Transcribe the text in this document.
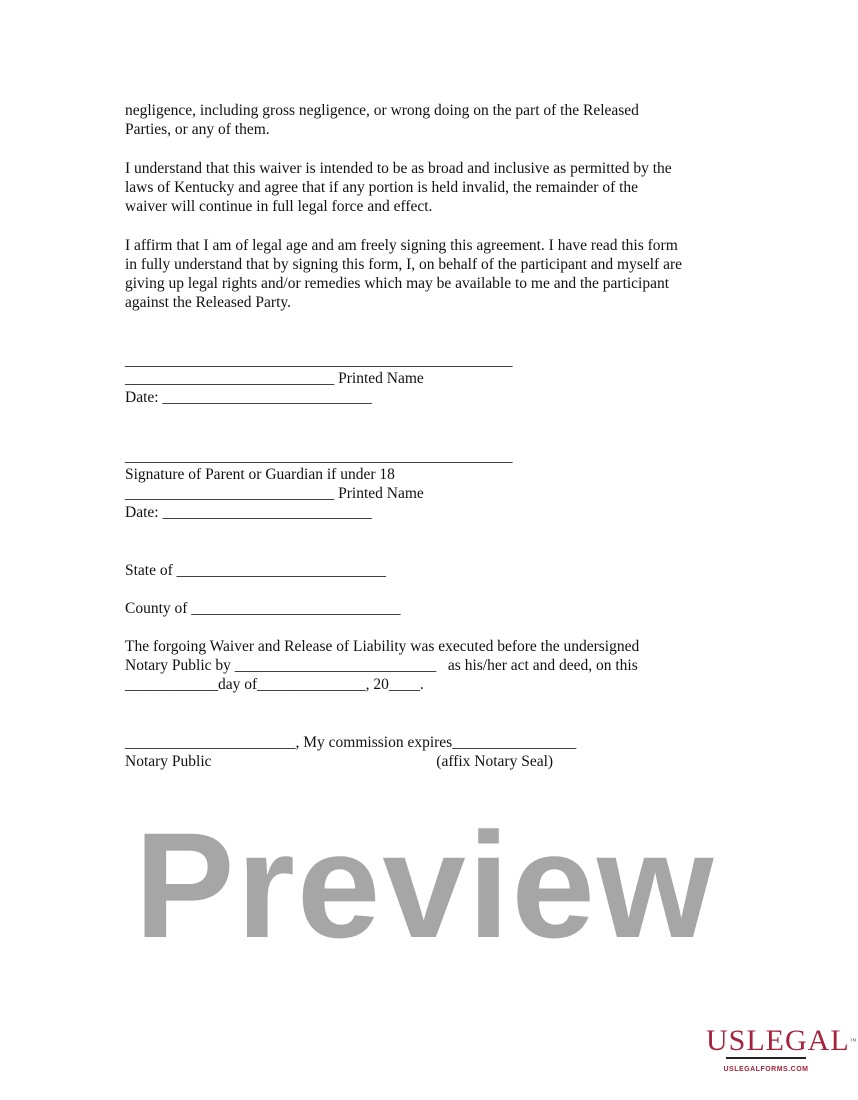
negligence, including gross negligence, or wrong doing on the part of the Released
Parties, or any of them.
I understand that this waiver is intended to be as broad and inclusive as permitted by the
laws of Kentucky and agree that if any portion is held invalid, the remainder of the
waiver will continue in full legal force and effect.
I affirm that I am of legal age and am freely signing this agreement. I have read this form
in fully understand that by signing this form, I, on behalf of the participant and myself are
giving up legal rights and/or remedies which may be available to me and the participant
against the Released Party.
__________________________________________________
___________________________ Printed Name
Date: ___________________________
__________________________________________________
Signature of Parent or Guardian if under 18
___________________________ Printed Name
Date: ___________________________
State of ___________________________
County of ___________________________
The forgoing Waiver and Release of Liability was executed before the undersigned
Notary Public by __________________________   as his/her act and deed, on this
____________day of______________, 20____.
______________________, My commission expires________________
Notary Public                                                          (affix Notary Seal)
Preview
USLEGAL™
USLEGALFORMS.COM
